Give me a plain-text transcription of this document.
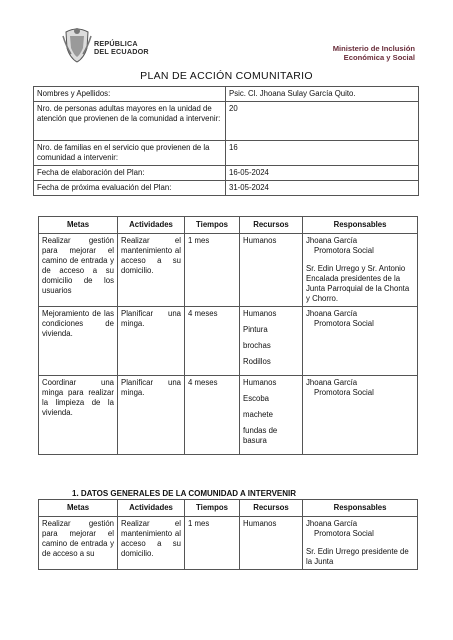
REPÚBLICA
DEL ECUADOR	Ministerio de Inclusión
Económica y Social
PLAN DE ACCIÓN COMUNITARIO
Nombres y Apellidos:	Psic. Cl. Jhoana Sulay García Quito.
Nro. de personas adultas mayores en la unidad de atención que provienen de la comunidad a intervenir:	20
Nro. de familias en el servicio que provienen de la comunidad a intervenir:	16
Fecha de elaboración del Plan:	16-05-2024
Fecha de próxima evaluación del Plan:	31-05-2024
Metas	Actividades	Tiempos	Recursos	Responsables
Realizar gestión para mejorar el camino de entrada y de acceso a su domicilio de los usuarios	Realizar el mantenimiento al acceso a su domicilio.	1 mes	Humanos	Jhoana García
Promotora Social
Sr. Edin Urrego y Sr. Antonio Encalada presidentes de la Junta Parroquial de la Chonta y Chorro.
Mejoramiento de las condiciones de vivienda.	Planificar una minga.	4 meses	Humanos
Pintura
brochas
Rodillos	Jhoana García
Promotora Social

Coordinar una minga para realizar la limpieza de la vivienda.	Planificar una minga.	4 meses	Humanos
Escoba
machete
fundas de basura	Jhoana García
Promotora Social
1. DATOS GENERALES DE LA COMUNIDAD A INTERVENIR
Metas	Actividades	Tiempos	Recursos	Responsables
Realizar gestión para mejorar el camino de entrada y de acceso a su	Realizar el mantenimiento al acceso a su domicilio.	1 mes	Humanos	Jhoana García
Promotora Social
Sr. Edin Urrego presidente de la Junta
